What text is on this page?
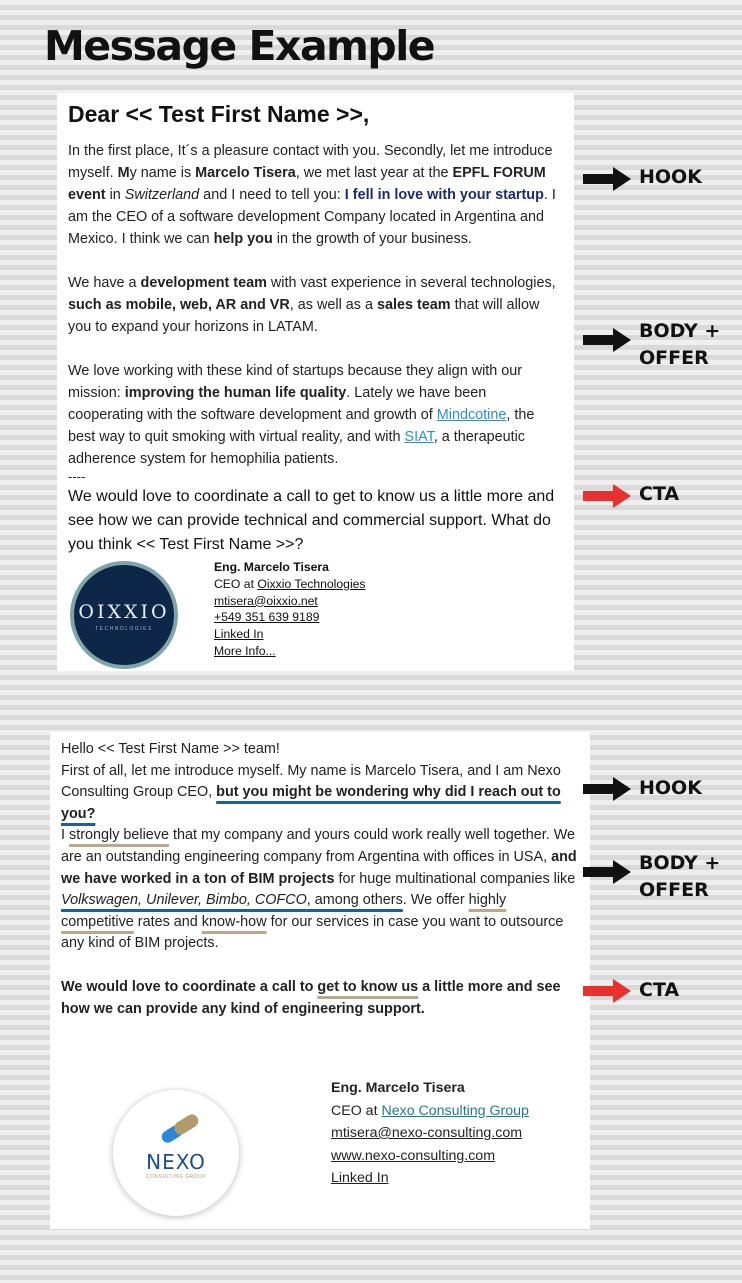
Message Example
Dear << Test First Name >>,

In the first place, It´s a pleasure contact with you. Secondly, let me introduce myself. My name is Marcelo Tisera, we met last year at the EPFL FORUM event in Switzerland and I need to tell you: I fell in love with your startup. I am the CEO of a software development Company located in Argentina and Mexico. I think we can help you in the growth of your business.

We have a development team with vast experience in several technologies, such as mobile, web, AR and VR, as well as a sales team that will allow you to expand your horizons in LATAM.

We love working with these kind of startups because they align with our mission: improving the human life quality. Lately we have been cooperating with the software development and growth of Mindcotine, the best way to quit smoking with virtual reality, and with SIAT, a therapeutic adherence system for hemophilia patients.

----

We would love to coordinate a call to get to know us a little more and see how we can provide technical and commercial support. What do you think << Test First Name >>?

OIXXIO
TECHNOLOGIES
Eng. Marcelo Tisera
CEO at Oixxio Technologies
mtisera@oixxio.net
+549 351 639 9189
Linked In
More Info...

Hello << Test First Name >> team!

First of all, let me introduce myself. My name is Marcelo Tisera, and I am Nexo Consulting Group CEO, but you might be wondering why did I reach out to you?

I strongly believe that my company and yours could work really well together. We are an outstanding engineering company from Argentina with offices in USA, and we have worked in a ton of BIM projects for huge multinational companies like Volkswagen, Unilever, Bimbo, COFCO, among others. We offer highly competitive rates and know-how for our services in case you want to outsource any kind of BIM projects.

We would love to coordinate a call to get to know us a little more and see how we can provide any kind of engineering support.

NEXO
CONSULTING GROUP
Eng. Marcelo Tisera
CEO at Nexo Consulting Group
mtisera@nexo-consulting.com
www.nexo-consulting.com
Linked In
HOOK
BODY +
OFFER
CTA
HOOK
BODY +
OFFER
CTA
